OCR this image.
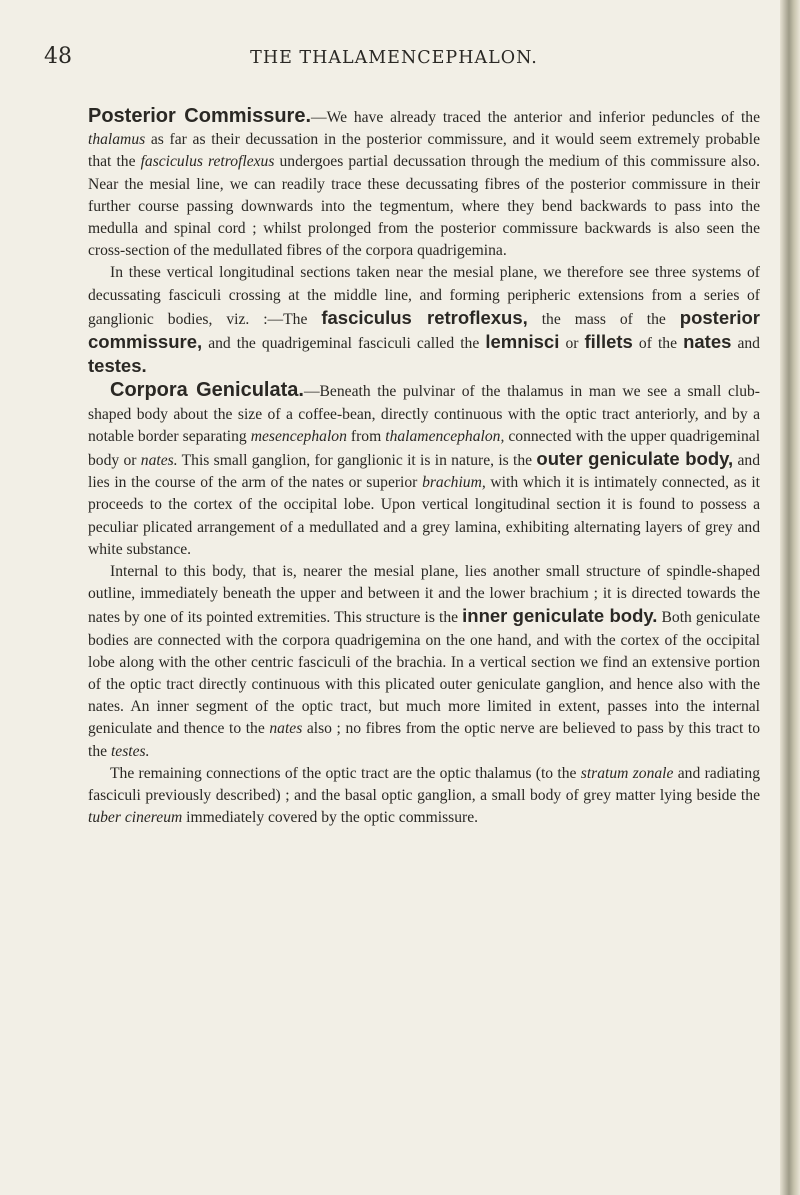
48	THE THALAMENCEPHALON.

Posterior Commissure.—We have already traced the anterior and inferior peduncles of the thalamus as far as their decussation in the posterior commissure, and it would seem extremely probable that the fasciculus retroflexus undergoes partial decussation through the medium of this commissure also. Near the mesial line, we can readily trace these decussating fibres of the posterior commissure in their further course passing downwards into the tegmentum, where they bend backwards to pass into the medulla and spinal cord ; whilst prolonged from the posterior commissure backwards is also seen the cross-section of the medullated fibres of the corpora quadrigemina.

In these vertical longitudinal sections taken near the mesial plane, we therefore see three systems of decussating fasciculi crossing at the middle line, and forming peripheric extensions from a series of ganglionic bodies, viz. :—The fasciculus retroflexus, the mass of the posterior commissure, and the quadrigeminal fasciculi called the lemnisci or fillets of the nates and testes.

Corpora Geniculata.—Beneath the pulvinar of the thalamus in man we see a small club-shaped body about the size of a coffee-bean, directly continuous with the optic tract anteriorly, and by a notable border separating mesencephalon from thalamencephalon, connected with the upper quadrigeminal body or nates. This small ganglion, for ganglionic it is in nature, is the outer geniculate body, and lies in the course of the arm of the nates or superior brachium, with which it is intimately connected, as it proceeds to the cortex of the occipital lobe. Upon vertical longitudinal section it is found to possess a peculiar plicated arrangement of a medullated and a grey lamina, exhibiting alternating layers of grey and white substance.

Internal to this body, that is, nearer the mesial plane, lies another small structure of spindle-shaped outline, immediately beneath the upper and between it and the lower brachium ; it is directed towards the nates by one of its pointed extremities. This structure is the inner geniculate body. Both geniculate bodies are connected with the corpora quadrigemina on the one hand, and with the cortex of the occipital lobe along with the other centric fasciculi of the brachia. In a vertical section we find an extensive portion of the optic tract directly continuous with this plicated outer geniculate ganglion, and hence also with the nates. An inner segment of the optic tract, but much more limited in extent, passes into the internal geniculate and thence to the nates also ; no fibres from the optic nerve are believed to pass by this tract to the testes.

The remaining connections of the optic tract are the optic thalamus (to the stratum zonale and radiating fasciculi previously described) ; and the basal optic ganglion, a small body of grey matter lying beside the tuber cinereum immediately covered by the optic commissure.
